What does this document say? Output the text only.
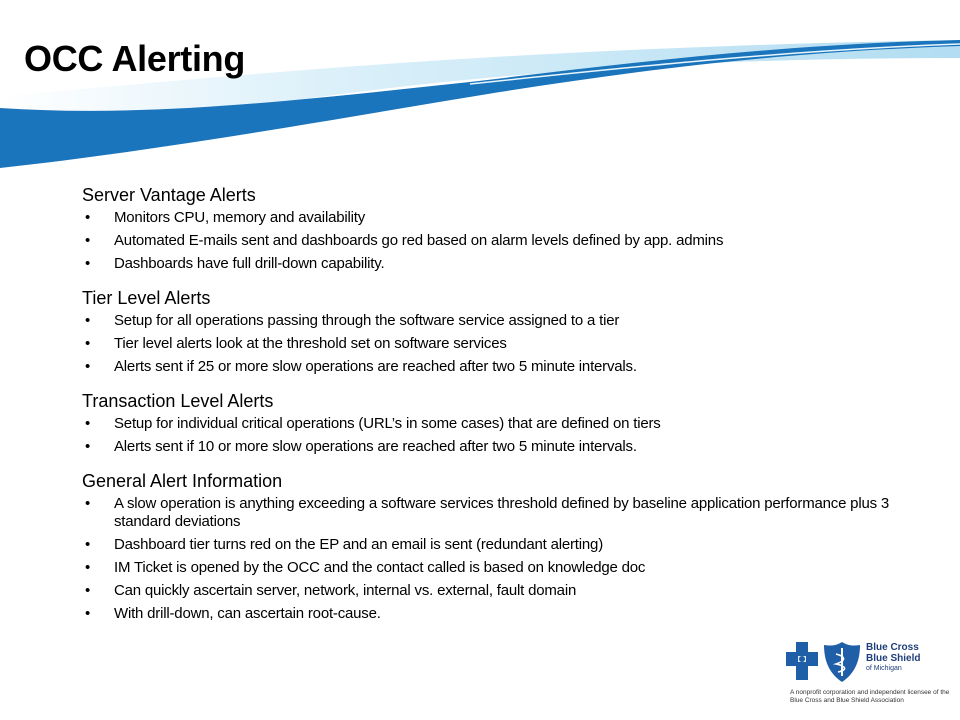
OCC Alerting
Server Vantage Alerts
• Monitors CPU, memory and availability
• Automated E-mails sent and dashboards go red based on alarm levels defined by app. admins
• Dashboards have full drill-down capability.
Tier Level Alerts
• Setup for all operations passing through the software service assigned to a tier
• Tier level alerts look at the threshold set on software services
• Alerts sent if 25 or more slow operations are reached after two 5 minute intervals.
Transaction Level Alerts
• Setup for individual critical operations (URL’s in some cases) that are defined on tiers
• Alerts sent if 10 or more slow operations are reached after two 5 minute intervals.
General Alert Information
• A slow operation is anything exceeding a software services threshold defined by baseline application performance plus 3 standard deviations
• Dashboard tier turns red on the EP and an email is sent (redundant alerting)
• IM Ticket is opened by the OCC and the contact called is based on knowledge doc
• Can quickly ascertain server, network, internal vs. external, fault domain
• With drill-down, can ascertain root-cause.
Blue Cross
Blue Shield
of Michigan
A nonprofit corporation and independent licensee of the Blue Cross and Blue Shield Association
